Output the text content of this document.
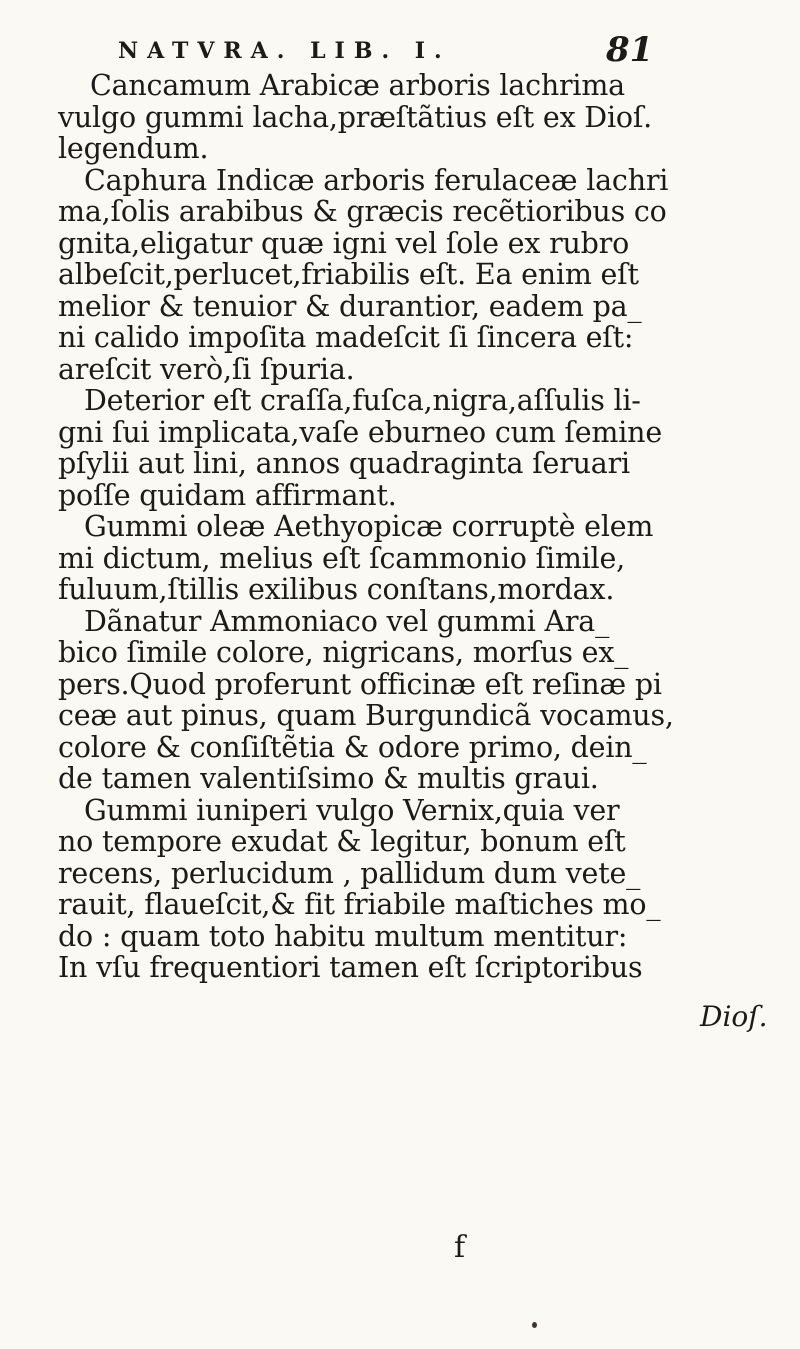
NATVRA. LIB. I.	81
Cancamum Arabicæ arboris lachrima
vulgo gummi lacha,præſtãtius eſt ex Dioſ.
legendum.
Caphura Indicæ arboris ferulaceæ lachri
ma,ſolis arabibus & græcis recẽtioribus co
gnita,eligatur quæ igni vel ſole ex rubro
albeſcit,perlucet,friabilis eſt. Ea enim eſt
melior & tenuior & durantior, eadem pa_
ni calido impoſita madeſcit ſi ſincera eſt:
areſcit verò,ſi ſpuria.
Deterior eſt craſſa,fuſca,nigra,aſſulis li-
gni ſui implicata,vaſe eburneo cum ſemine
pſylii aut lini, annos quadraginta ſeruari
poſſe quidam affirmant.
Gummi oleæ Aethyopicæ corruptè elem
mi dictum, melius eſt ſcammonio ſimile,
fuluum,ſtillis exilibus conſtans,mordax.
Dãnatur Ammoniaco vel gummi Ara_
bico ſimile colore, nigricans, morſus ex_
pers.Quod proferunt officinæ eſt reſinæ pi
ceæ aut pinus, quam Burgundicã vocamus,
colore & conſiſtẽtia & odore primo, dein_
de tamen valentiſsimo & multis graui.
Gummi iuniperi vulgo Vernix,quia ver
no tempore exudat & legitur, bonum eſt
recens, perlucidum , pallidum dum vete_
rauit, flaueſcit,& fit friabile maſtiches mo_
do : quam toto habitu multum mentitur:
In vſu frequentiori tamen eſt ſcriptoribus
Dioſ.
f
